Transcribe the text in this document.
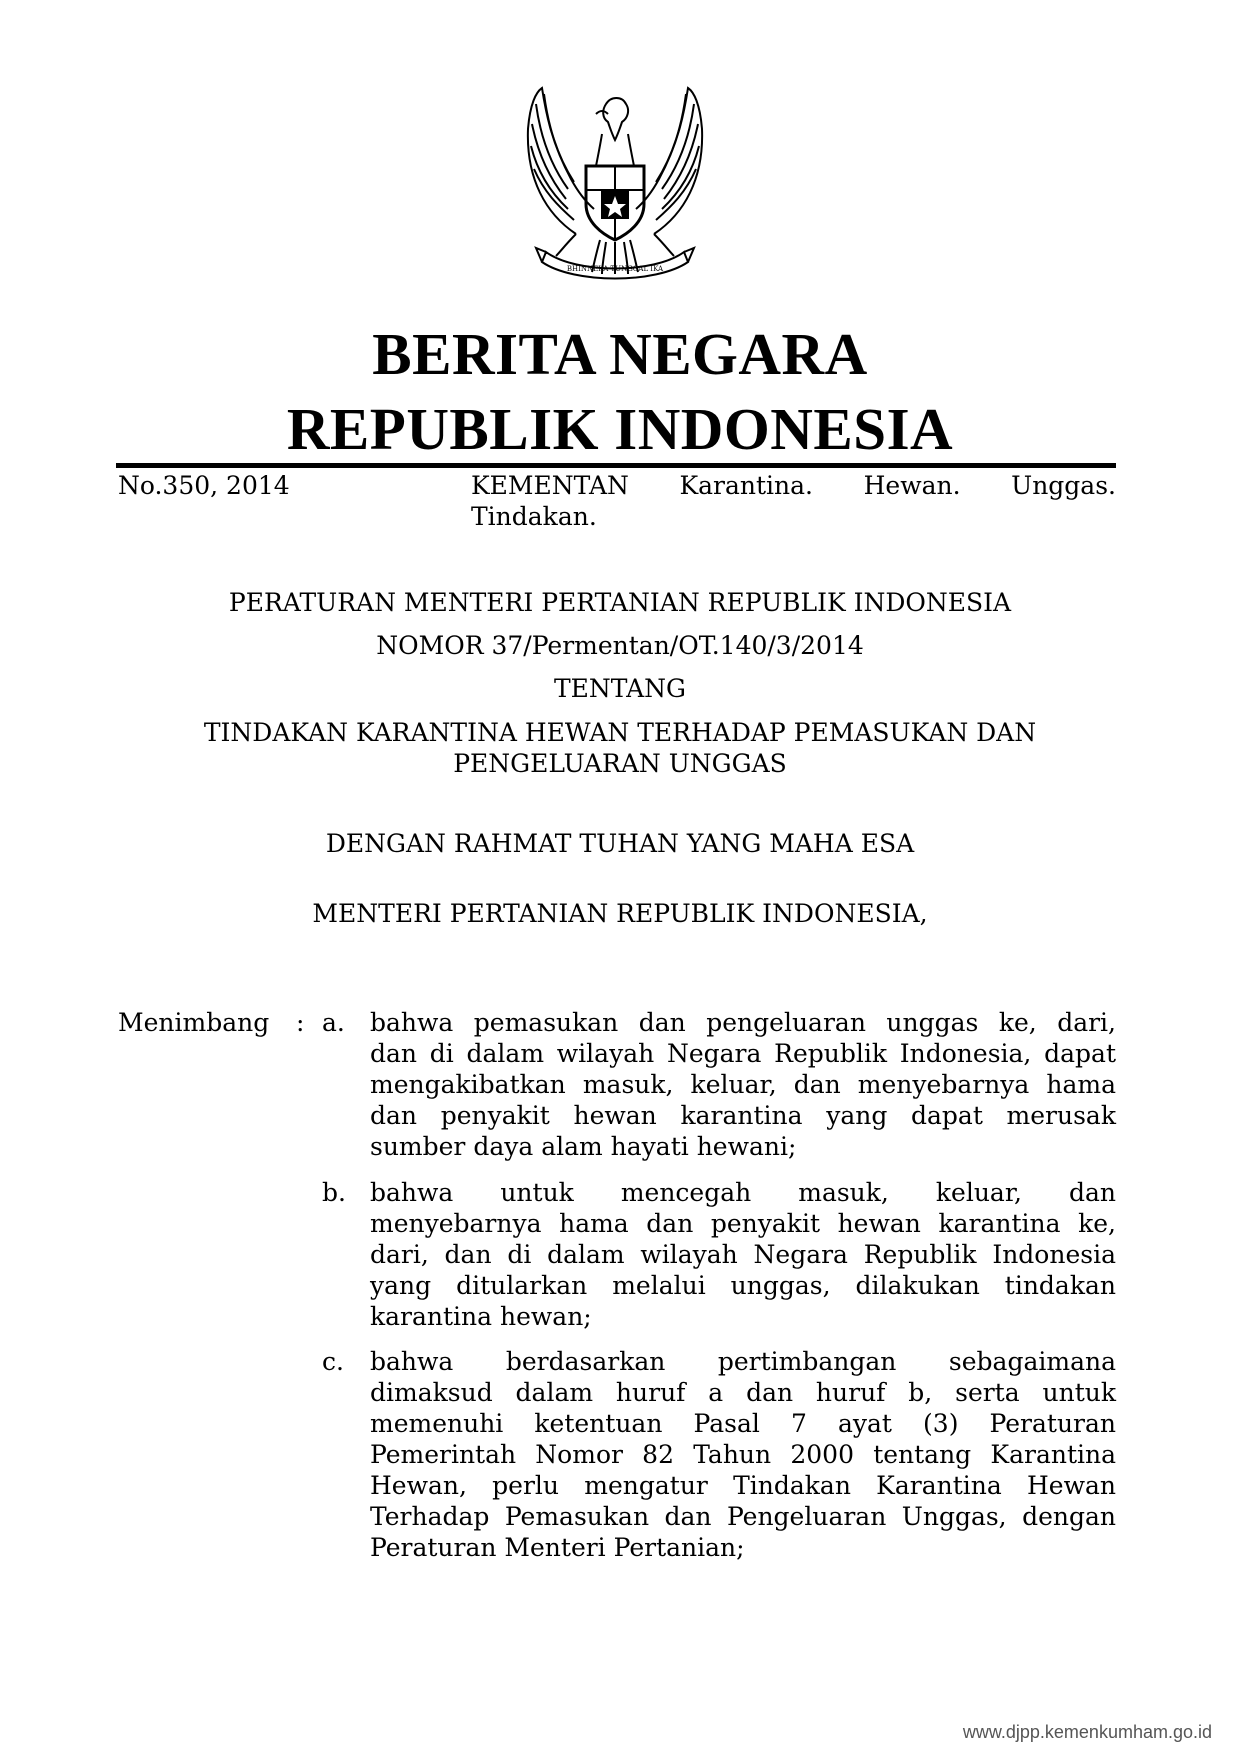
BHINNEKA TUNGGAL IKA
BERITA NEGARA
REPUBLIK INDONESIA
No.350, 2014	KEMENTAN Karantina. Hewan. Unggas.
Tindakan.
PERATURAN MENTERI PERTANIAN REPUBLIK INDONESIA
NOMOR 37/Permentan/OT.140/3/2014
TENTANG
TINDAKAN KARANTINA HEWAN TERHADAP PEMASUKAN DAN
PENGELUARAN UNGGAS
DENGAN RAHMAT TUHAN YANG MAHA ESA
MENTERI PERTANIAN REPUBLIK INDONESIA,
Menimbang : a. bahwa pemasukan dan pengeluaran unggas ke, dari,
dan di dalam wilayah Negara Republik Indonesia, dapat
mengakibatkan masuk, keluar, dan menyebarnya hama
dan penyakit hewan karantina yang dapat merusak
sumber daya alam hayati hewani;
b. bahwa untuk mencegah masuk, keluar, dan
menyebarnya hama dan penyakit hewan karantina ke,
dari, dan di dalam wilayah Negara Republik Indonesia
yang ditularkan melalui unggas, dilakukan tindakan
karantina hewan;
c. bahwa berdasarkan pertimbangan sebagaimana
dimaksud dalam huruf a dan huruf b, serta untuk
memenuhi ketentuan Pasal 7 ayat (3) Peraturan
Pemerintah Nomor 82 Tahun 2000 tentang Karantina
Hewan, perlu mengatur Tindakan Karantina Hewan
Terhadap Pemasukan dan Pengeluaran Unggas, dengan
Peraturan Menteri Pertanian;
www.djpp.kemenkumham.go.id
